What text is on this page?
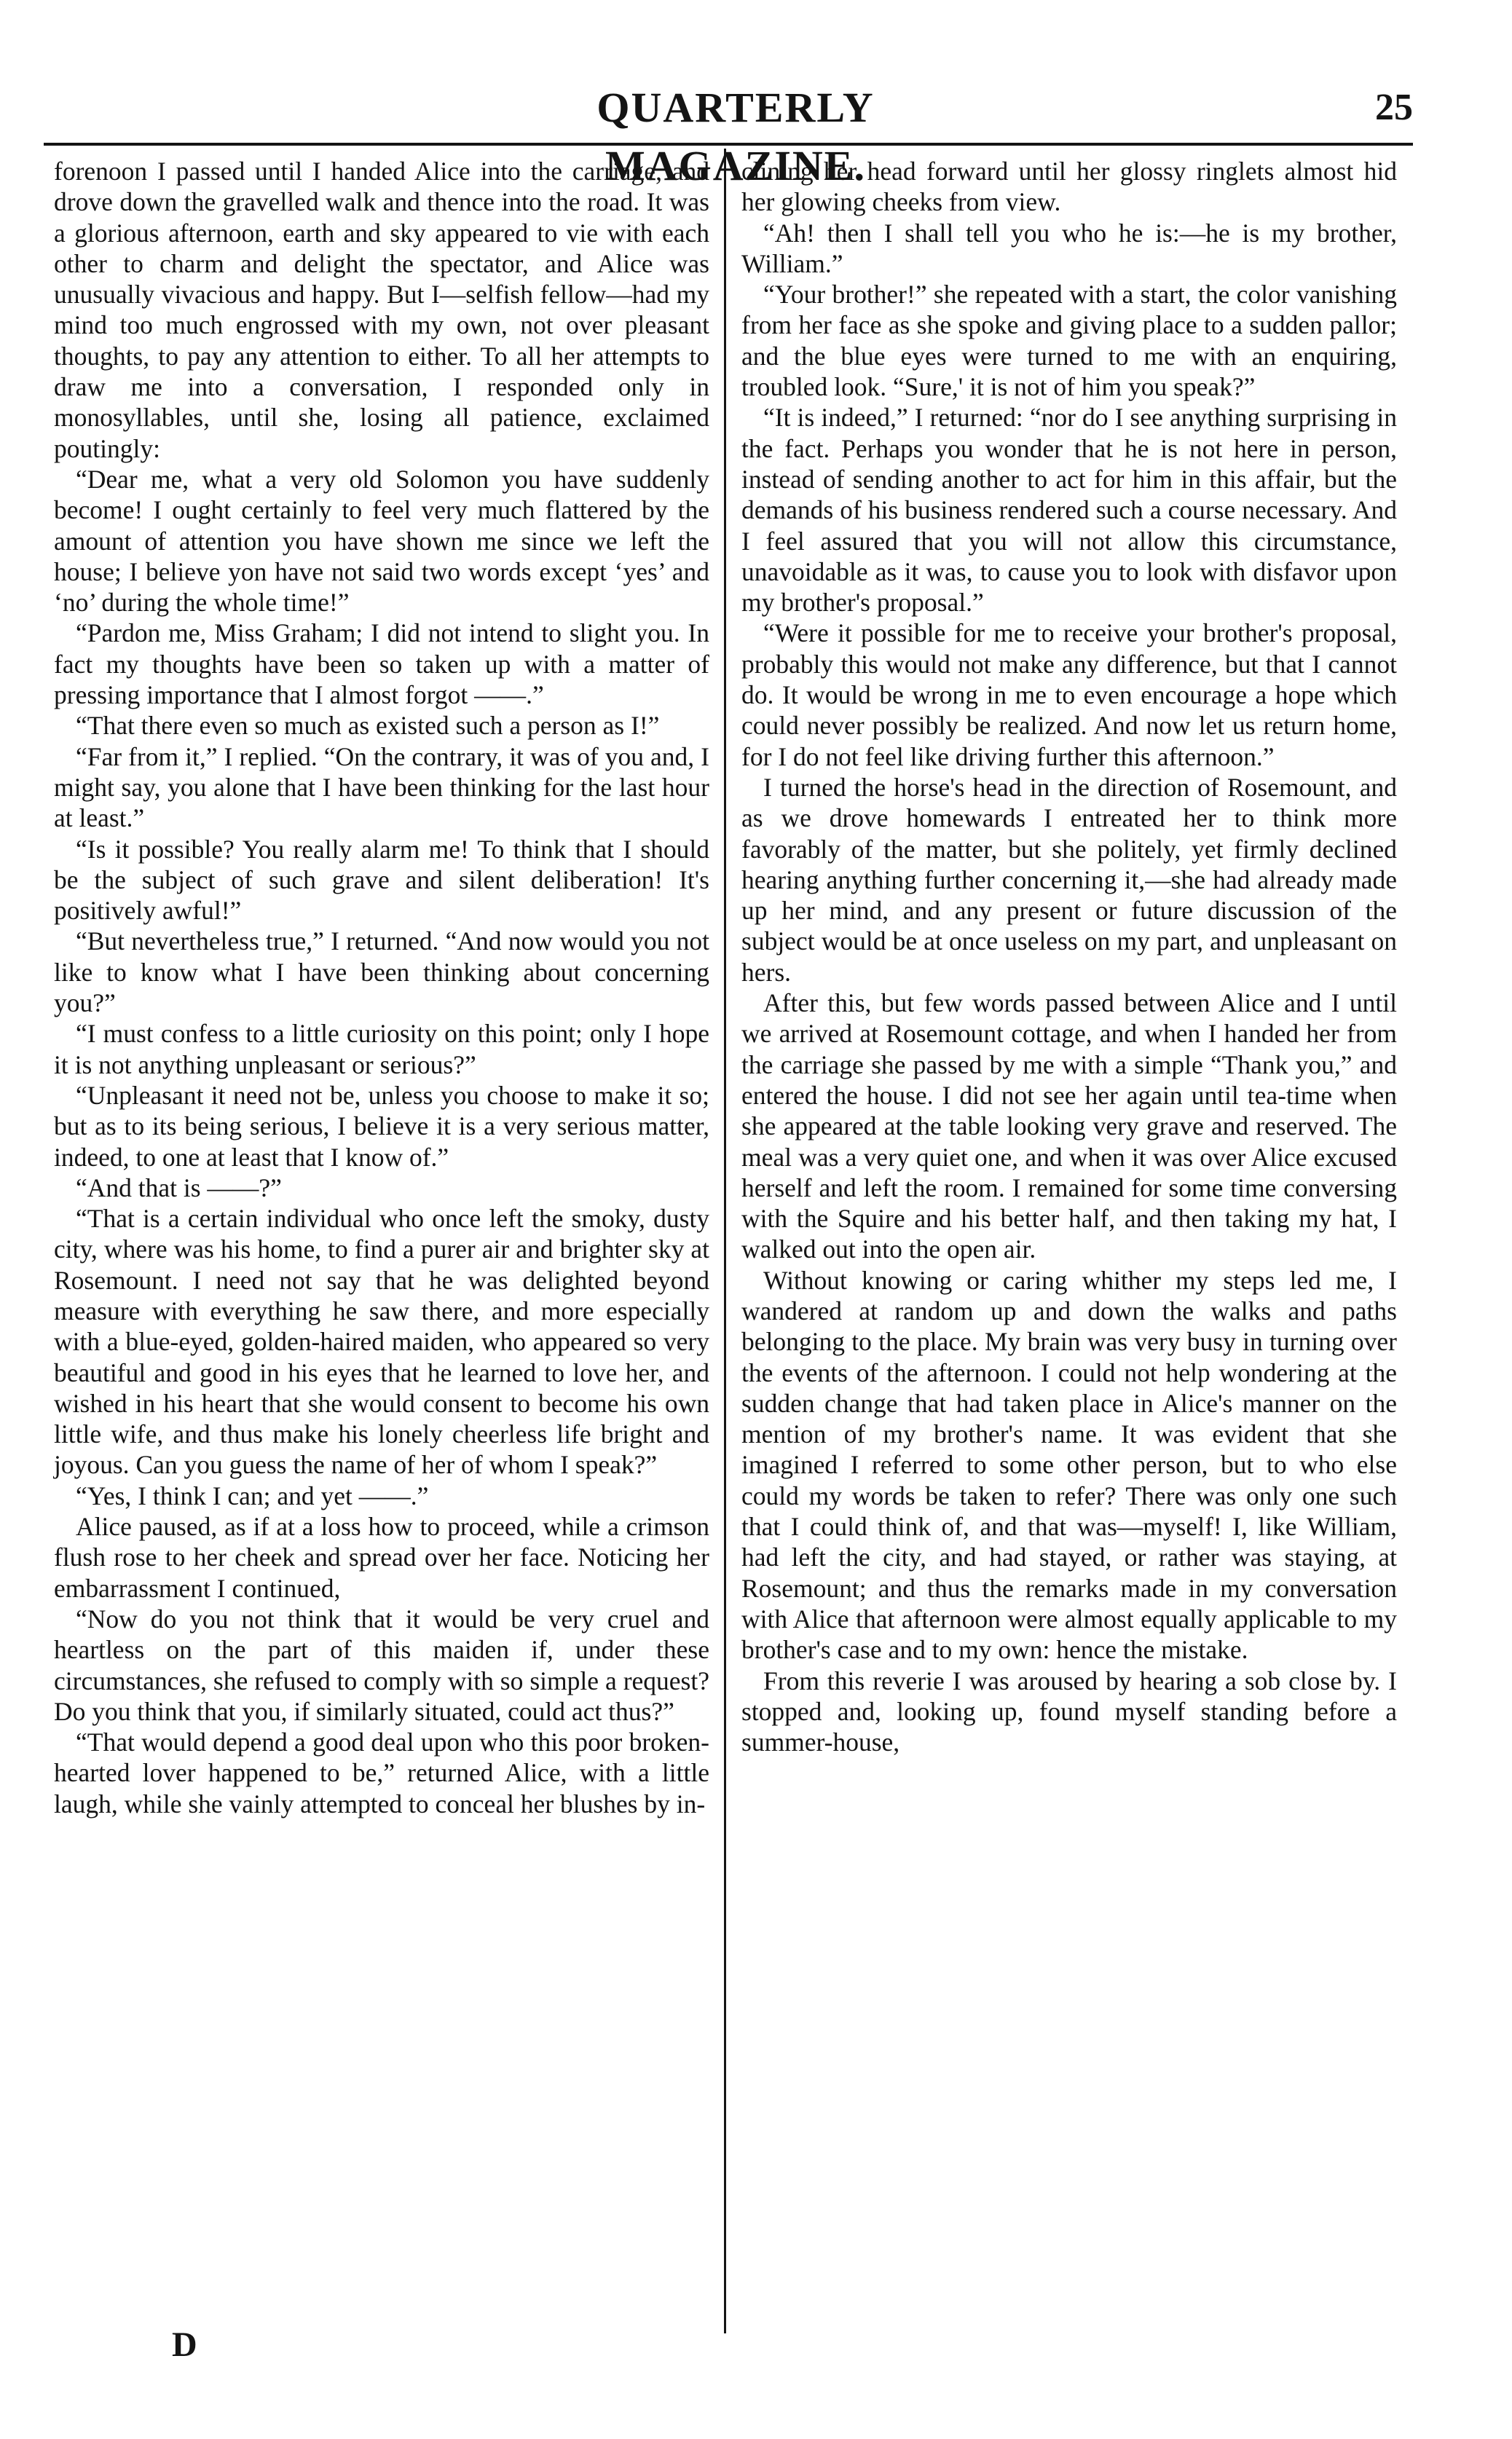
QUARTERLY MAGAZINE.
25

forenoon I passed until I handed Alice into the carriage, and drove down the gravelled walk and thence into the road. It was a glorious afternoon, earth and sky appeared to vie with each other to charm and delight the spectator, and Alice was unusually vivacious and happy. But I—selfish fellow—had my mind too much engrossed with my own, not over pleasant thoughts, to pay any attention to either. To all her attempts to draw me into a conversation, I responded only in monosyllables, until she, losing all patience, exclaimed poutingly:

“Dear me, what a very old Solomon you have suddenly become! I ought certainly to feel very much flattered by the amount of attention you have shown me since we left the house; I believe yon have not said two words except ‘yes’ and ‘no’ during the whole time!”

“Pardon me, Miss Graham; I did not intend to slight you. In fact my thoughts have been so taken up with a matter of pressing importance that I almost forgot ——.”

“That there even so much as existed such a person as I!”

“Far from it,” I replied. “On the contrary, it was of you and, I might say, you alone that I have been thinking for the last hour at least.”

“Is it possible? You really alarm me! To think that I should be the subject of such grave and silent deliberation! It's positively awful!”

“But nevertheless true,” I returned. “And now would you not like to know what I have been thinking about concerning you?”

“I must confess to a little curiosity on this point; only I hope it is not anything unpleasant or serious?”

“Unpleasant it need not be, unless you choose to make it so; but as to its being serious, I believe it is a very serious matter, indeed, to one at least that I know of.”

“And that is ——?”

“That is a certain individual who once left the smoky, dusty city, where was his home, to find a purer air and brighter sky at Rosemount. I need not say that he was delighted beyond measure with everything he saw there, and more especially with a blue-eyed, golden-haired maiden, who appeared so very beautiful and good in his eyes that he learned to love her, and wished in his heart that she would consent to become his own little wife, and thus make his lonely cheerless life bright and joyous. Can you guess the name of her of whom I speak?”

“Yes, I think I can; and yet ——.”

Alice paused, as if at a loss how to proceed, while a crimson flush rose to her cheek and spread over her face. Noticing her embarrassment I continued,

“Now do you not think that it would be very cruel and heartless on the part of this maiden if, under these circumstances, she refused to comply with so simple a request? Do you think that you, if similarly situated, could act thus?”

“That would depend a good deal upon who this poor broken-hearted lover happened to be,” returned Alice, with a little laugh, while she vainly attempted to conceal her blushes by in-

clining her head forward until her glossy ringlets almost hid her glowing cheeks from view.

“Ah! then I shall tell you who he is:—he is my brother, William.”

“Your brother!” she repeated with a start, the color vanishing from her face as she spoke and giving place to a sudden pallor; and the blue eyes were turned to me with an enquiring, troubled look. “Sure,' it is not of him you speak?”

“It is indeed,” I returned: “nor do I see anything surprising in the fact. Perhaps you wonder that he is not here in person, instead of sending another to act for him in this affair, but the demands of his business rendered such a course necessary. And I feel assured that you will not allow this circumstance, unavoidable as it was, to cause you to look with disfavor upon my brother's proposal.”

“Were it possible for me to receive your brother's proposal, probably this would not make any difference, but that I cannot do. It would be wrong in me to even encourage a hope which could never possibly be realized. And now let us return home, for I do not feel like driving further this afternoon.”

I turned the horse's head in the direction of Rosemount, and as we drove homewards I entreated her to think more favorably of the matter, but she politely, yet firmly declined hearing anything further concerning it,—she had already made up her mind, and any present or future discussion of the subject would be at once useless on my part, and unpleasant on hers.

After this, but few words passed between Alice and I until we arrived at Rosemount cottage, and when I handed her from the carriage she passed by me with a simple “Thank you,” and entered the house. I did not see her again until tea-time when she appeared at the table looking very grave and reserved. The meal was a very quiet one, and when it was over Alice excused herself and left the room. I remained for some time conversing with the Squire and his better half, and then taking my hat, I walked out into the open air.

Without knowing or caring whither my steps led me, I wandered at random up and down the walks and paths belonging to the place. My brain was very busy in turning over the events of the afternoon. I could not help wondering at the sudden change that had taken place in Alice's manner on the mention of my brother's name. It was evident that she imagined I referred to some other person, but to who else could my words be taken to refer? There was only one such that I could think of, and that was—myself! I, like William, had left the city, and had stayed, or rather was staying, at Rosemount; and thus the remarks made in my conversation with Alice that afternoon were almost equally applicable to my brother's case and to my own: hence the mistake.

From this reverie I was aroused by hearing a sob close by. I stopped and, looking up, found myself standing before a summer-house,

D
